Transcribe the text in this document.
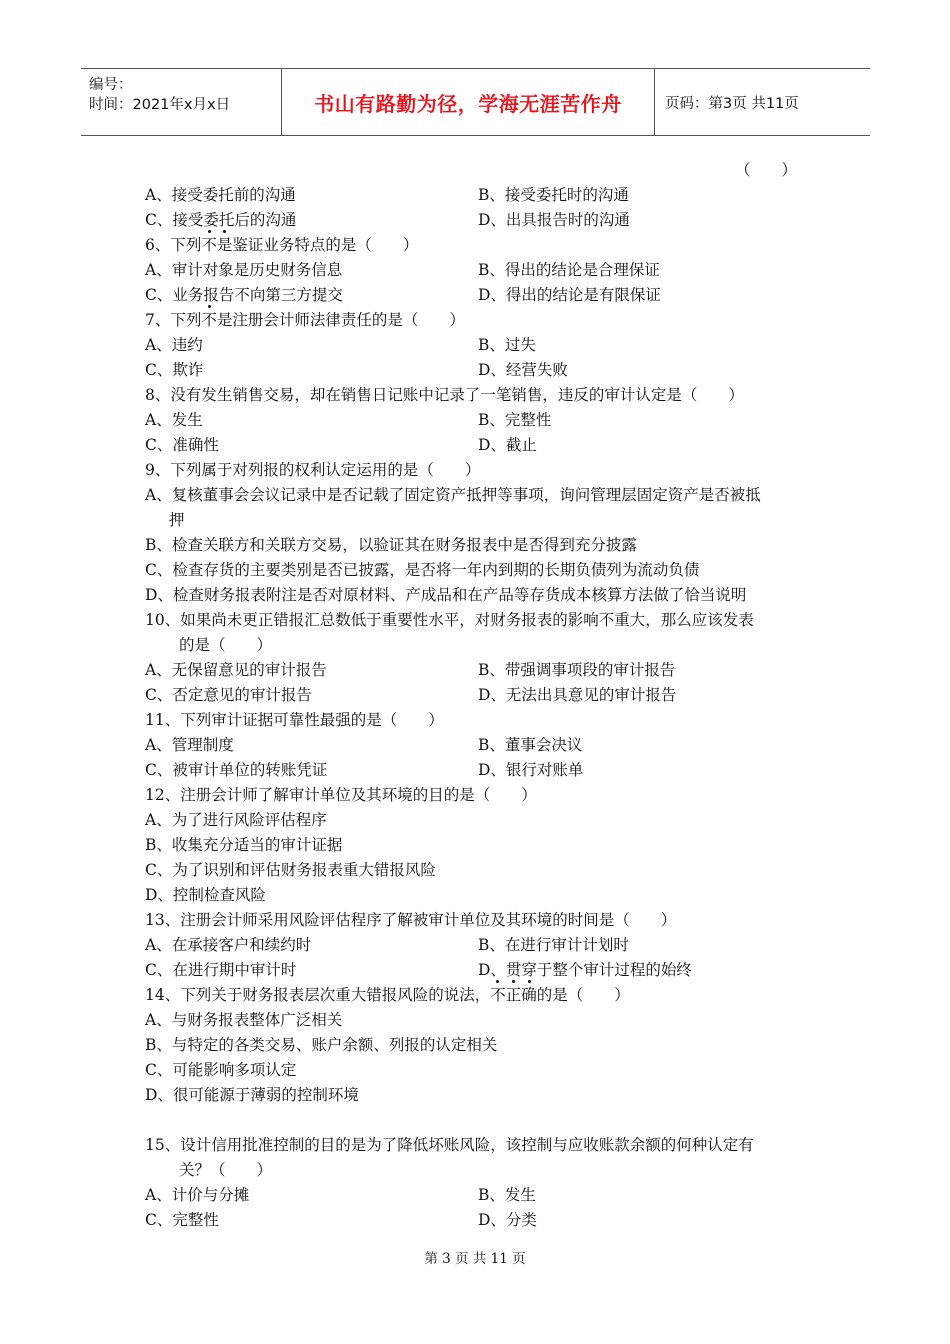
编号：
时间：2021年x月x日	书山有路勤为径，学海无涯苦作舟	页码：第3页 共11页
（　　）
A、接受委托前的沟通	B、接受委托时的沟通
C、接受委托后的沟通	D、出具报告时的沟通
6、下列不是鉴证业务特点的是（　　）
A、审计对象是历史财务信息	B、得出的结论是合理保证
C、业务报告不向第三方提交	D、得出的结论是有限保证
7、下列不是注册会计师法律责任的是（　　）
A、违约	B、过失
C、欺诈	D、经营失败
8、没有发生销售交易，却在销售日记账中记录了一笔销售，违反的审计认定是（　　）
A、发生	B、完整性
C、准确性	D、截止
9、下列属于对列报的权利认定运用的是（　　）
A、复核董事会会议记录中是否记载了固定资产抵押等事项，询问管理层固定资产是否被抵
押
B、检查关联方和关联方交易，以验证其在财务报表中是否得到充分披露
C、检查存货的主要类别是否已披露，是否将一年内到期的长期负债列为流动负债
D、检查财务报表附注是否对原材料、产成品和在产品等存货成本核算方法做了恰当说明
10、如果尚未更正错报汇总数低于重要性水平，对财务报表的影响不重大，那么应该发表
的是（　　）
A、无保留意见的审计报告	B、带强调事项段的审计报告
C、否定意见的审计报告	D、无法出具意见的审计报告
11、下列审计证据可靠性最强的是（　　）
A、管理制度	B、董事会决议
C、被审计单位的转账凭证	D、银行对账单
12、注册会计师了解审计单位及其环境的目的是（　　）
A、为了进行风险评估程序
B、收集充分适当的审计证据
C、为了识别和评估财务报表重大错报风险
D、控制检查风险
13、注册会计师采用风险评估程序了解被审计单位及其环境的时间是（　　）
A、在承接客户和续约时	B、在进行审计计划时
C、在进行期中审计时	D、贯穿于整个审计过程的始终
14、下列关于财务报表层次重大错报风险的说法，不正确的是（　　）
A、与财务报表整体广泛相关
B、与特定的各类交易、账户余额、列报的认定相关
C、可能影响多项认定
D、很可能源于薄弱的控制环境
15、设计信用批准控制的目的是为了降低坏账风险，该控制与应收账款余额的何种认定有
关？（　　）
A、计价与分摊	B、发生
C、完整性	D、分类
第 3 页 共 11 页
